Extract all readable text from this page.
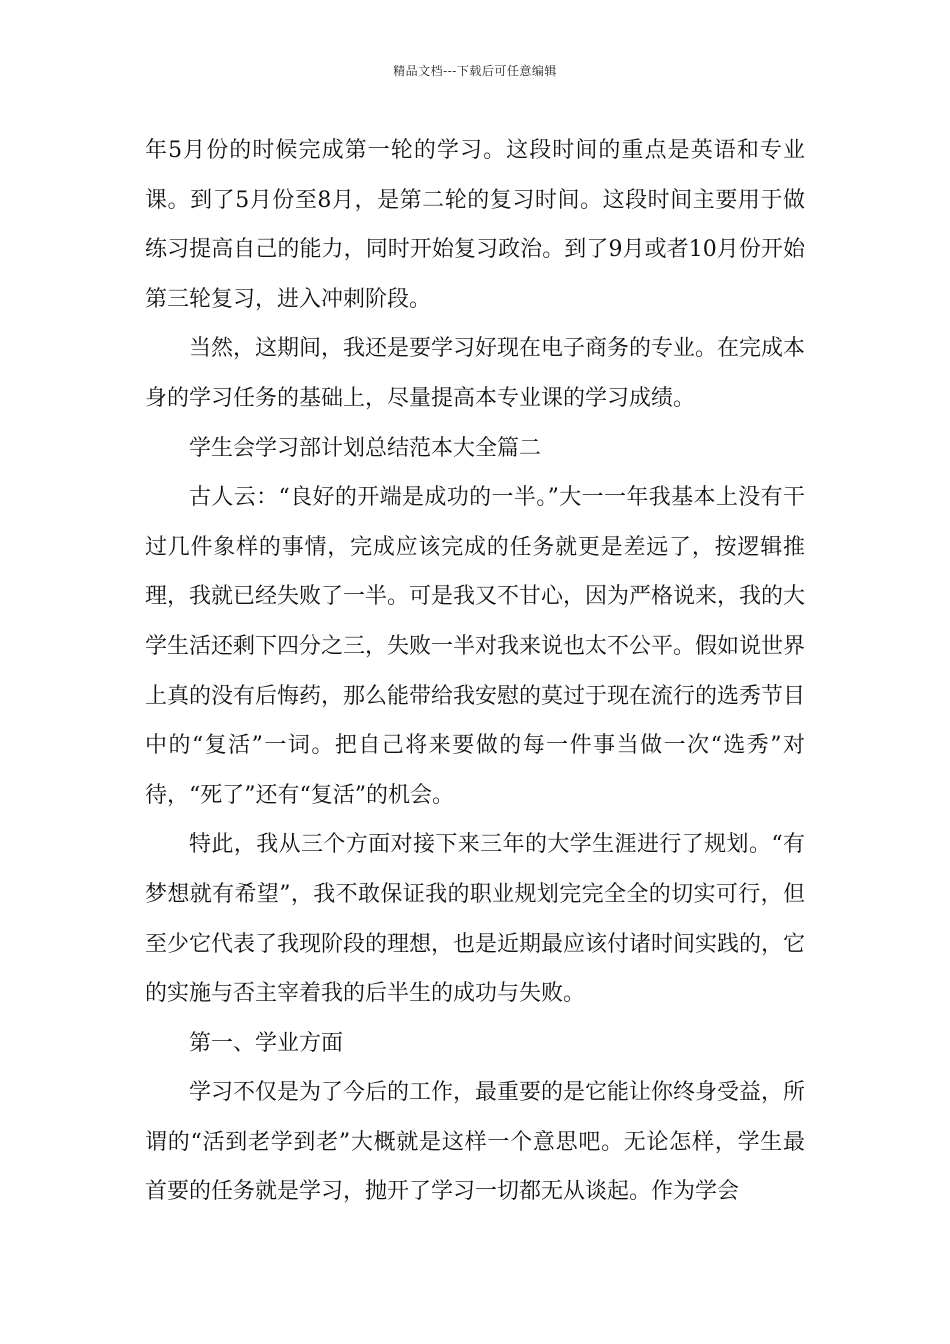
精品文档---下载后可任意编辑

年5月份的时候完成第一轮的学习。这段时间的重点是英语和专业课。到了5月份至8月，是第二轮的复习时间。这段时间主要用于做练习提高自己的能力，同时开始复习政治。到了9月或者10月份开始第三轮复习，进入冲刺阶段。

当然，这期间，我还是要学习好现在电子商务的专业。在完成本身的学习任务的基础上，尽量提高本专业课的学习成绩。

学生会学习部计划总结范本大全篇二

古人云：“良好的开端是成功的一半。”大一一年我基本上没有干过几件象样的事情，完成应该完成的任务就更是差远了，按逻辑推理，我就已经失败了一半。可是我又不甘心，因为严格说来，我的大学生活还剩下四分之三，失败一半对我来说也太不公平。假如说世界上真的没有后悔药，那么能带给我安慰的莫过于现在流行的选秀节目中的“复活”一词。把自己将来要做的每一件事当做一次“选秀”对待，“死了”还有“复活”的机会。

特此，我从三个方面对接下来三年的大学生涯进行了规划。“有梦想就有希望”，我不敢保证我的职业规划完完全全的切实可行，但至少它代表了我现阶段的理想，也是近期最应该付诸时间实践的，它的实施与否主宰着我的后半生的成功与失败。

第一、学业方面

学习不仅是为了今后的工作，最重要的是它能让你终身受益，所谓的“活到老学到老”大概就是这样一个意思吧。无论怎样，学生最首要的任务就是学习，抛开了学习一切都无从谈起。作为学会
